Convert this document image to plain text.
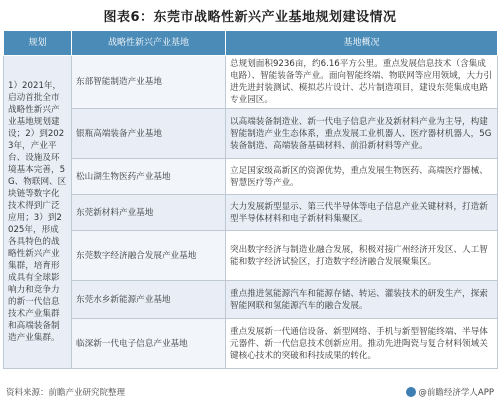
图表6：东莞市战略性新兴产业基地规划建设情况
规划	战略性新兴产业基地	基地概况
1）2021年，启动首批全市战略性新兴产业基地规划建设；2）到2023年，产业平台、设施及环境基本完善，5G、物联网、区块链等数字化技术得到广泛应用；3）到2025年，形成各具特色的战略性新兴产业集群，培育形成具有全球影响力和竞争力的新一代信息技术产业集群和高端装备制造产业集群。	东部智能制造产业基地	总规划面积9236亩，约6.16平方公里。重点发展信息技术（含集成电路）、智能装备等产业。面向智能终端、物联网等应用领域，大力引进先进封装测试、模拟芯片设计、芯片制造项目，建设东莞集成电路专业园区。
	银瓶高端装备产业基地	以高端装备制造业、新一代电子信息产业及新材料产业为主导，构建智能制造产业生态体系，重点发展工业机器人、医疗器材机器人，5G装备制造、高端装备基础材料、前沿新材料等产业。
	松山湖生物医药产业基地	立足国家级高新区的资源优势，重点发展生物医药、高端医疗器械、智慧医疗等产业。
	东莞新材料产业基地	大力发展新型显示、第三代半导体等电子信息产业关键材料，打造新型半导体材料和电子新材料集聚区。
	东莞数字经济融合发展产业基地	突出数字经济与制造业融合发展，积极对接广州经济开发区、人工智能和数字经济试验区，打造数字经济融合发展聚集区。
	东莞水乡新能源产业基地	重点推进氢能源汽车和能源存储、转运、灌装技术的研发生产，探索智能网联和氢能源汽车的融合发展。
	临深新一代电子信息产业基地	重点发展新一代通信设备、新型网络、手机与新型智能终端、半导体元器件、新一代信息技术创新应用。推动先进陶瓷与复合材料领域关键核心技术的突破和科技成果的转化。
资料来源：前瞻产业研究院整理	@前瞻经济学人APP
